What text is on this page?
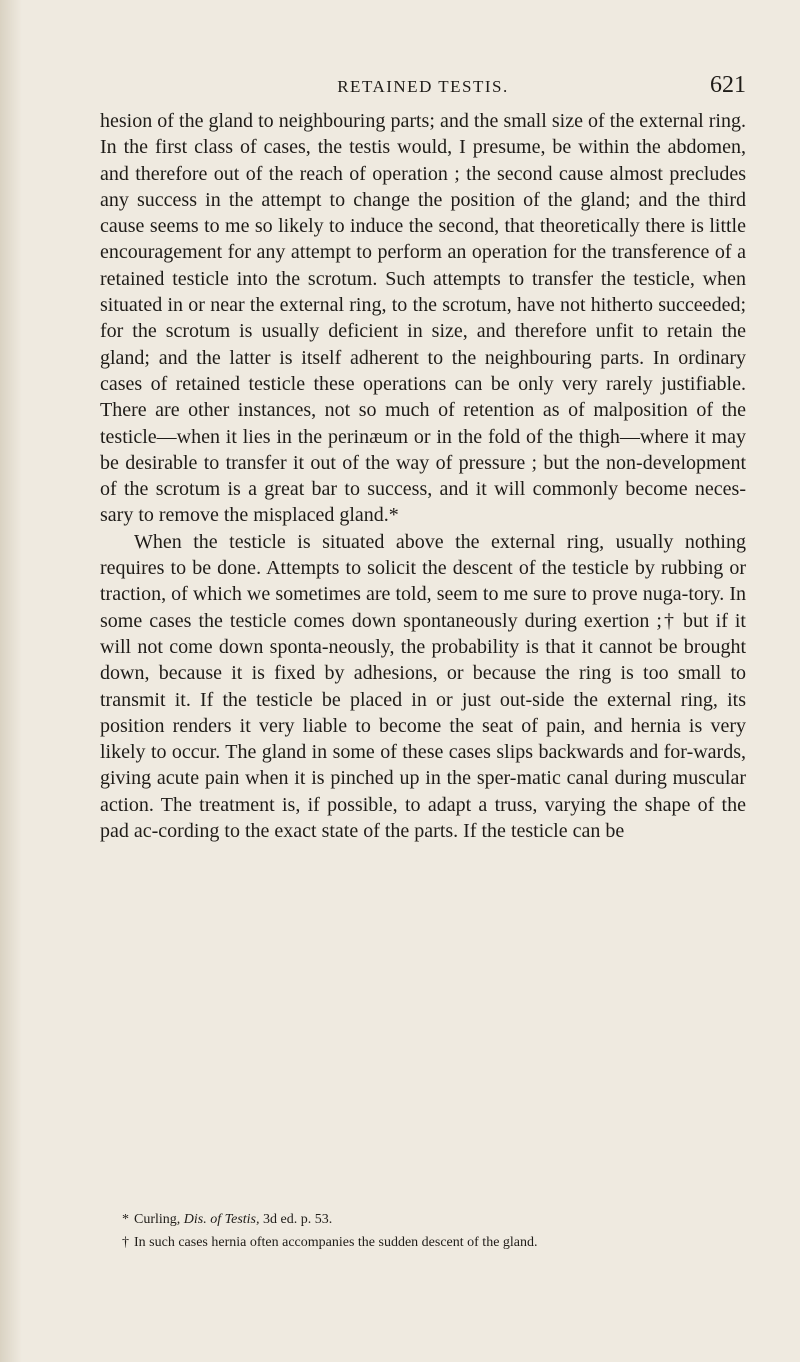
RETAINED TESTIS.	621

hesion of the gland to neighbouring parts; and the small size of the external ring. In the first class of cases, the testis would, I presume, be within the abdomen, and therefore out of the reach of operation ; the second cause almost precludes any success in the attempt to change the position of the gland; and the third cause seems to me so likely to induce the second, that theoretically there is little encouragement for any attempt to perform an operation for the transference of a retained testicle into the scrotum. Such attempts to transfer the testicle, when situated in or near the external ring, to the scrotum, have not hitherto succeeded; for the scrotum is usually deficient in size, and therefore unfit to retain the gland; and the latter is itself adherent to the neighbouring parts. In ordinary cases of retained testicle these operations can be only very rarely justifiable. There are other instances, not so much of retention as of malposition of the testicle—when it lies in the perinæum or in the fold of the thigh—where it may be desirable to transfer it out of the way of pressure ; but the non-development of the scrotum is a great bar to success, and it will commonly become neces-sary to remove the misplaced gland.*

When the testicle is situated above the external ring, usually nothing requires to be done. Attempts to solicit the descent of the testicle by rubbing or traction, of which we sometimes are told, seem to me sure to prove nuga-tory. In some cases the testicle comes down spontaneously during exertion ;† but if it will not come down sponta-neously, the probability is that it cannot be brought down, because it is fixed by adhesions, or because the ring is too small to transmit it. If the testicle be placed in or just out-side the external ring, its position renders it very liable to become the seat of pain, and hernia is very likely to occur. The gland in some of these cases slips backwards and for-wards, giving acute pain when it is pinched up in the sper-matic canal during muscular action. The treatment is, if possible, to adapt a truss, varying the shape of the pad ac-cording to the exact state of the parts. If the testicle can be

* Curling, Dis. of Testis, 3d ed. p. 53.
† In such cases hernia often accompanies the sudden descent of the gland.
